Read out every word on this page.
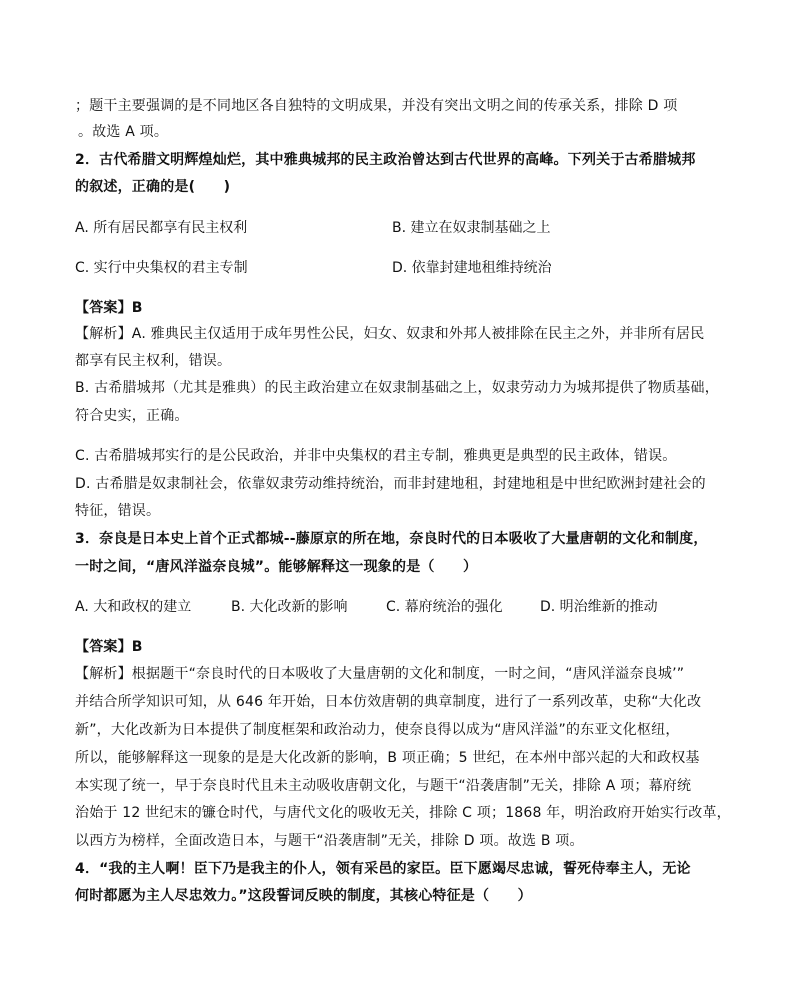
；题干主要强调的是不同地区各自独特的文明成果，并没有突出文明之间的传承关系，排除 D 项
。故选 A 项。
2．古代希腊文明辉煌灿烂，其中雅典城邦的民主政治曾达到古代世界的高峰。下列关于古希腊城邦
的叙述，正确的是(　　)
A. 所有居民都享有民主权利	B. 建立在奴隶制基础之上
C. 实行中央集权的君主专制	D. 依靠封建地租维持统治
【答案】B
【解析】A. 雅典民主仅适用于成年男性公民，妇女、奴隶和外邦人被排除在民主之外，并非所有居民
都享有民主权利，错误。
B. 古希腊城邦（尤其是雅典）的民主政治建立在奴隶制基础之上，奴隶劳动力为城邦提供了物质基础，
符合史实，正确。
C. 古希腊城邦实行的是公民政治，并非中央集权的君主专制，雅典更是典型的民主政体，错误。
D. 古希腊是奴隶制社会，依靠奴隶劳动维持统治，而非封建地租，封建地租是中世纪欧洲封建社会的
特征，错误。
3．奈良是日本史上首个正式都城--藤原京的所在地，奈良时代的日本吸收了大量唐朝的文化和制度，
一时之间，“唐风洋溢奈良城”。能够解释这一现象的是（　　）
A. 大和政权的建立	B. 大化改新的影响	C. 幕府统治的强化	D. 明治维新的推动
【答案】B
【解析】根据题干“奈良时代的日本吸收了大量唐朝的文化和制度，一时之间，“唐风洋溢奈良城’”
并结合所学知识可知，从 646 年开始，日本仿效唐朝的典章制度，进行了一系列改革，史称“大化改
新”，大化改新为日本提供了制度框架和政治动力，使奈良得以成为“唐风洋溢”的东亚文化枢纽，
所以，能够解释这一现象的是是大化改新的影响，B 项正确；5 世纪，在本州中部兴起的大和政权基
本实现了统一，早于奈良时代且未主动吸收唐朝文化，与题干“沿袭唐制”无关，排除 A 项；幕府统
治始于 12 世纪末的镰仓时代，与唐代文化的吸收无关，排除 C 项；1868 年，明治政府开始实行改革，
以西方为榜样，全面改造日本，与题干“沿袭唐制”无关，排除 D 项。故选 B 项。
4．“我的主人啊！臣下乃是我主的仆人，领有采邑的家臣。臣下愿竭尽忠诚，誓死侍奉主人，无论
何时都愿为主人尽忠效力。”这段誓词反映的制度，其核心特征是（　　）
